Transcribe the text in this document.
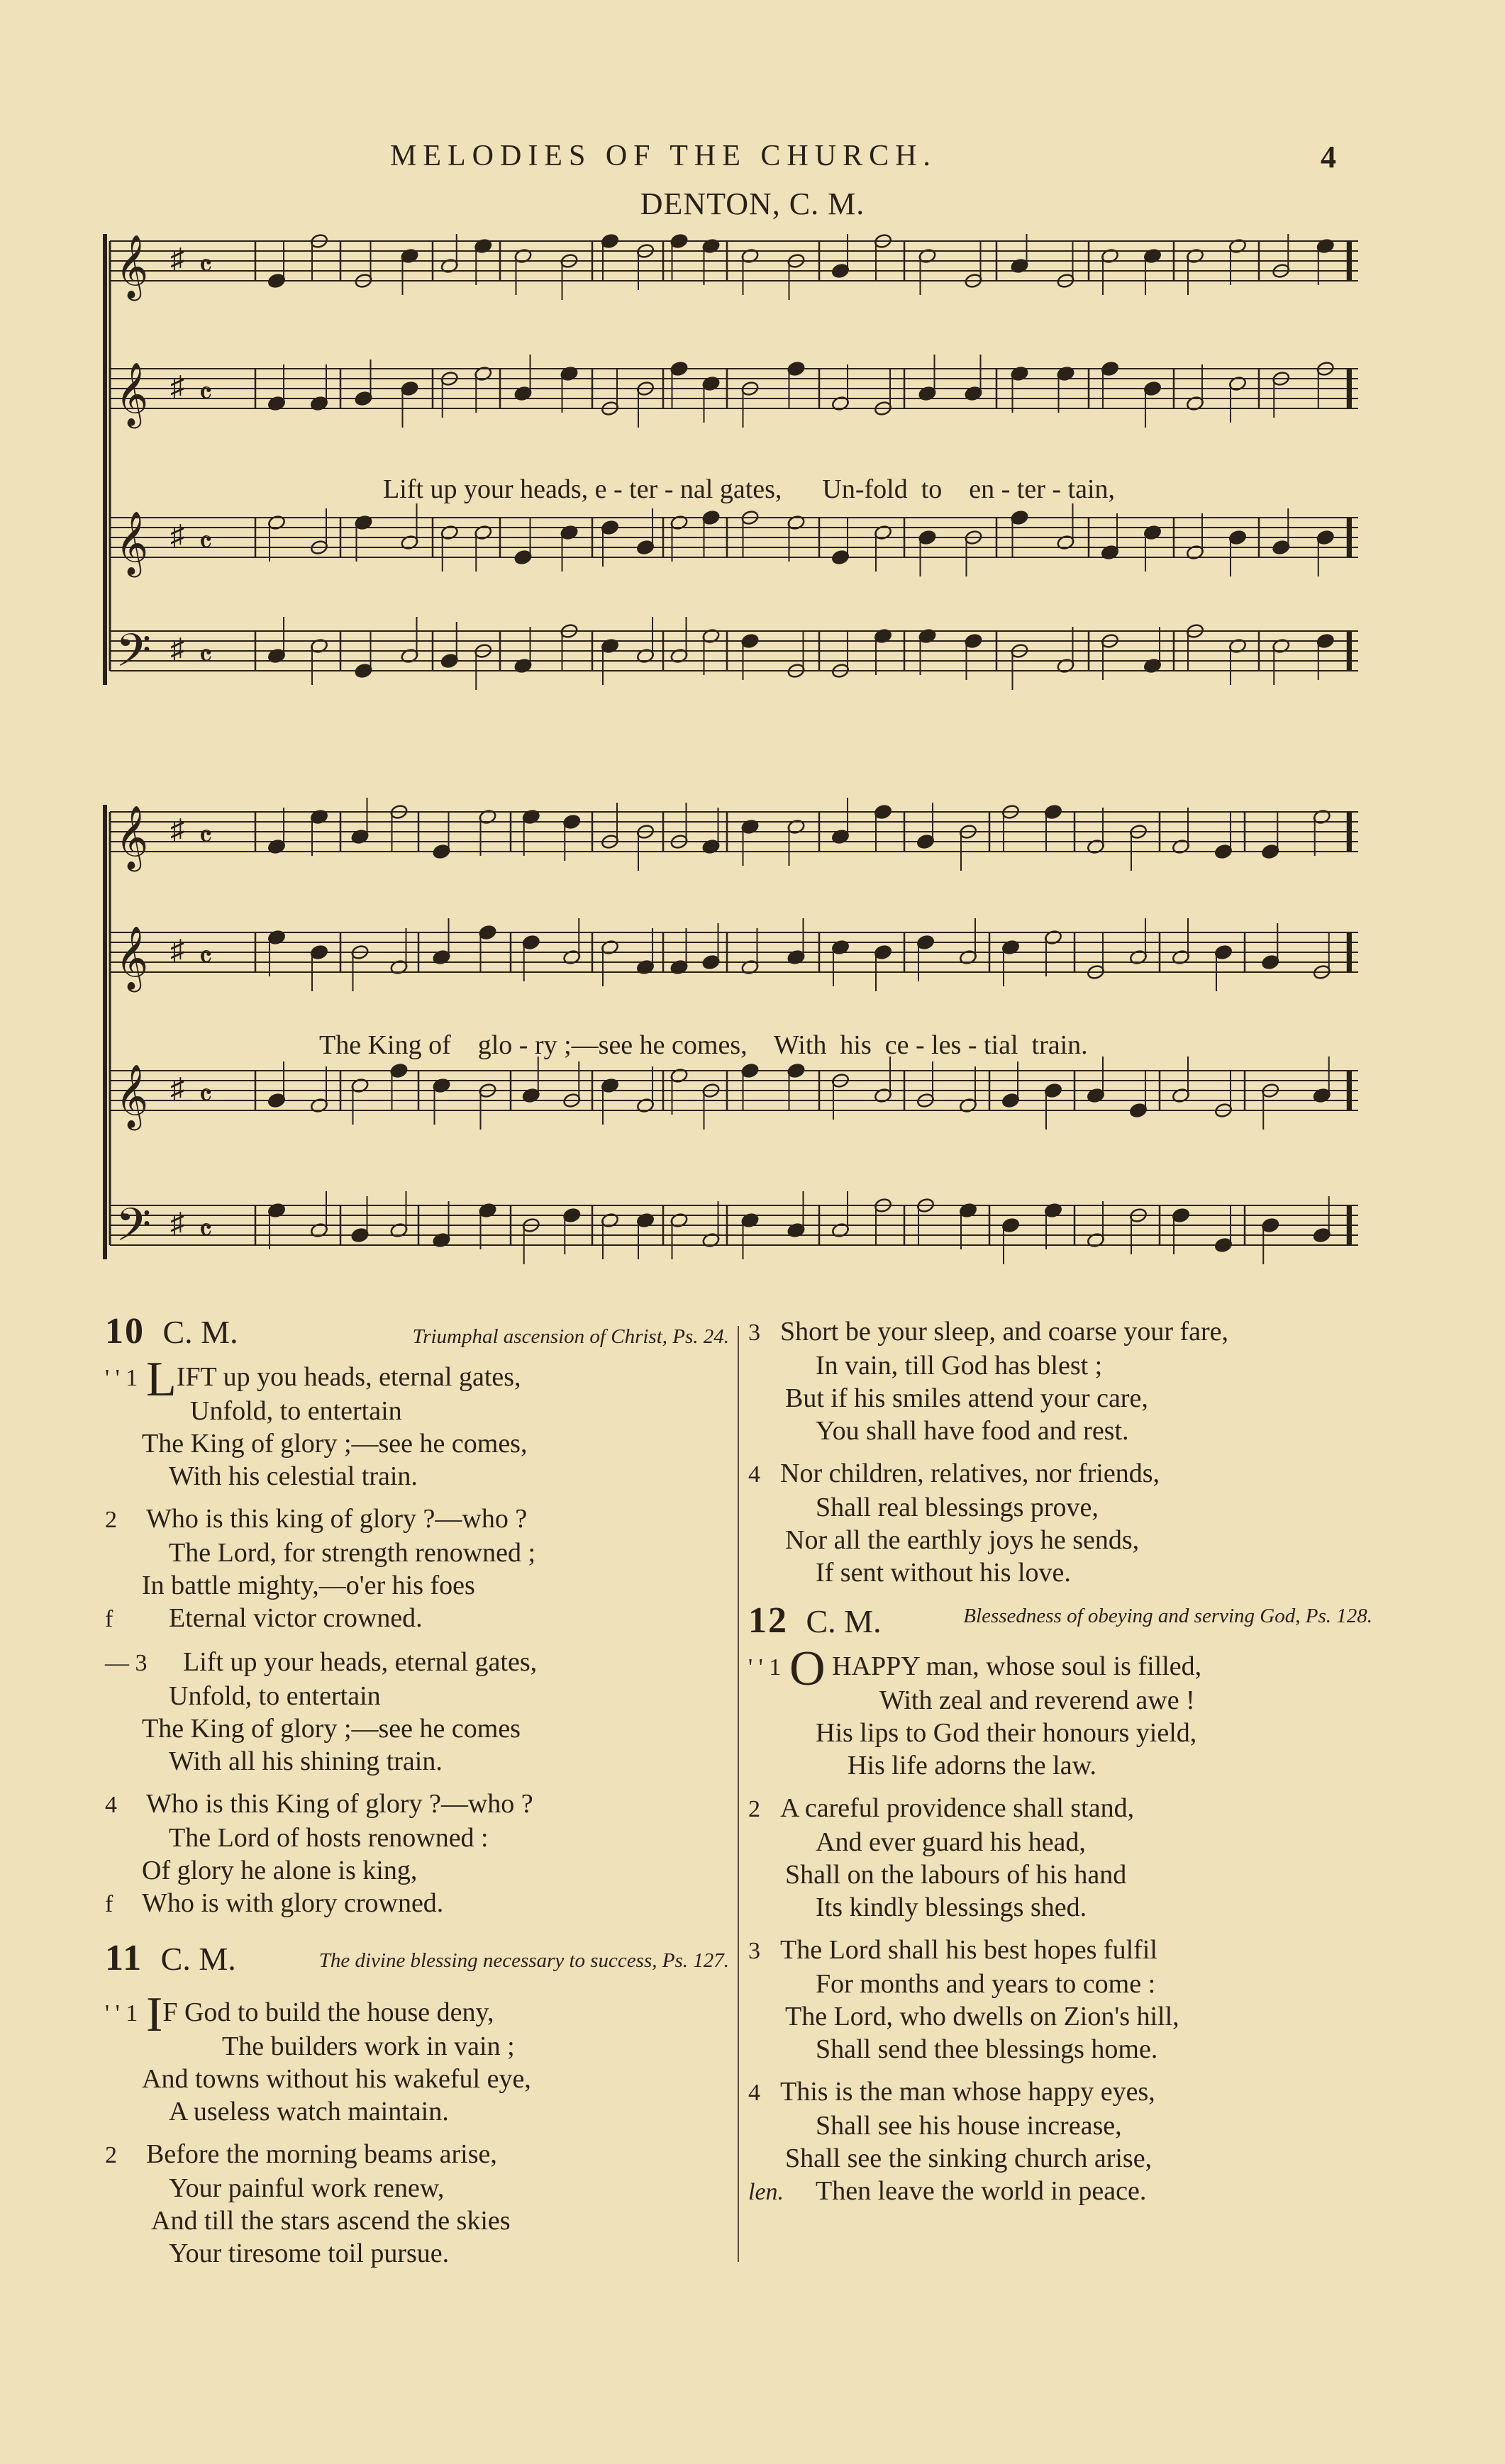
MELODIES OF THE CHURCH.	4
DENTON, C. M.
𝄞 ♯ 𝄴
𝄞 ♯ 𝄴
𝄞 ♯ 𝄴
𝄢 ♯ 𝄴
Lift up your heads, e - ter - nal gates,      Un-fold  to    en - ter - tain,
𝄞 ♯ 𝄴
𝄞 ♯ 𝄴
𝄞 ♯ 𝄴
𝄢 ♯ 𝄴
The King of    glo - ry ;—see he comes,    With  his  ce - les - tial  train.
10 C. M.	Triumphal ascension of Christ, Ps. 24.
' ' 1 LIFT up you heads, eternal gates,
Unfold, to entertain
The King of glory ;—see he comes,
With his celestial train.
2 Who is this king of glory ?—who ?
The Lord, for strength renowned ;
In battle mighty,—o'er his foes
f Eternal victor crowned.
— 3 Lift up your heads, eternal gates,
Unfold, to entertain
The King of glory ;—see he comes
With all his shining train.
4 Who is this King of glory ?—who ?
The Lord of hosts renowned :
Of glory he alone is king,
f Who is with glory crowned.
11 C. M.	The divine blessing necessary to success, Ps. 127.
' ' 1 IF God to build the house deny,
The builders work in vain ;
And towns without his wakeful eye,
A useless watch maintain.
2 Before the morning beams arise,
Your painful work renew,
And till the stars ascend the skies
Your tiresome toil pursue.
3 Short be your sleep, and coarse your fare,
In vain, till God has blest ;
But if his smiles attend your care,
You shall have food and rest.
4 Nor children, relatives, nor friends,
Shall real blessings prove,
Nor all the earthly joys he sends,
If sent without his love.
12 C. M.	Blessedness of obeying and serving God, Ps. 128.
' ' 1 O HAPPY man, whose soul is filled,
With zeal and reverend awe !
His lips to God their honours yield,
His life adorns the law.
2 A careful providence shall stand,
And ever guard his head,
Shall on the labours of his hand
Its kindly blessings shed.
3 The Lord shall his best hopes fulfil
For months and years to come :
The Lord, who dwells on Zion's hill,
Shall send thee blessings home.
4 This is the man whose happy eyes,
Shall see his house increase,
Shall see the sinking church arise,
len. Then leave the world in peace.
